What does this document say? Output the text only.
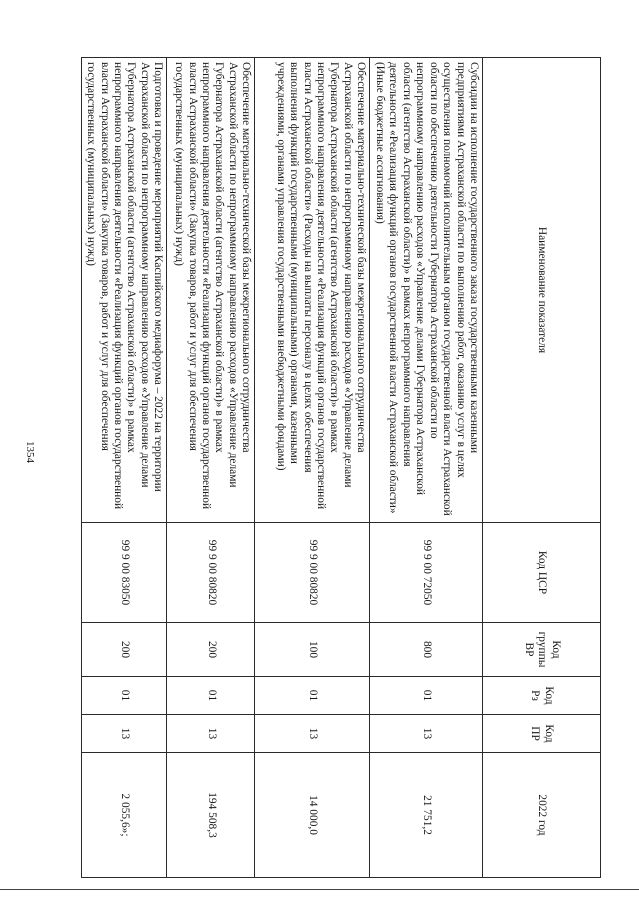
1354
Наименование показателя	Код ЦСР	Код группы ВР	Код Рз	Код ПР	2022 год
Субсидии на исполнение государственного заказа государственными казенными предприятиями Астраханской области по выполнению работ, оказанию услуг в целях осуществления полномочий исполнительным органом государственной власти Астраханской области по обеспечению деятельности Губернатора Астраханской области по непрограммному направлению расходов «Управление делами Губернатора Астраханской области (агентство Астраханской области)» в рамках непрограммного направления деятельности «Реализация функций органов государственной власти Астраханской области» (Иные бюджетные ассигнования)	99 9 00 72050	800	01	13	21 751,2
Обеспечение материально-технической базы межрегионального сотрудничества Астраханской области по непрограммному направлению расходов «Управление делами Губернатора Астраханской области (агентство Астраханской области)» в рамках непрограммного направления деятельности «Реализация функций органов государственной власти Астраханской области» (Расходы на выплаты персоналу в целях обеспечения выполнения функций государственными (муниципальными) органами, казенными учреждениями, органами управления государственными внебюджетными фондами)	99 9 00 80820	100	01	13	14 000,0
Обеспечение материально-технической базы межрегионального сотрудничества Астраханской области по непрограммному направлению расходов «Управление делами Губернатора Астраханской области (агентство Астраханской области)» в рамках непрограммного направления деятельности «Реализация функций органов государственной власти Астраханской области» (Закупка товаров, работ и услуг для обеспечения государственных (муниципальных) нужд)	99 9 00 80820	200	01	13	194 508,3
Подготовка и проведение мероприятий Каспийского медиафорума – 2022 на территории Астраханской области по непрограммному направлению расходов «Управление делами Губернатора Астраханской области (агентство Астраханской области)» в рамках непрограммного направления деятельности «Реализация функций органов государственной власти Астраханской области» (Закупка товаров, работ и услуг для обеспечения государственных (муниципальных) нужд)	99 9 00 83050	200	01	13	2 055,6»;
